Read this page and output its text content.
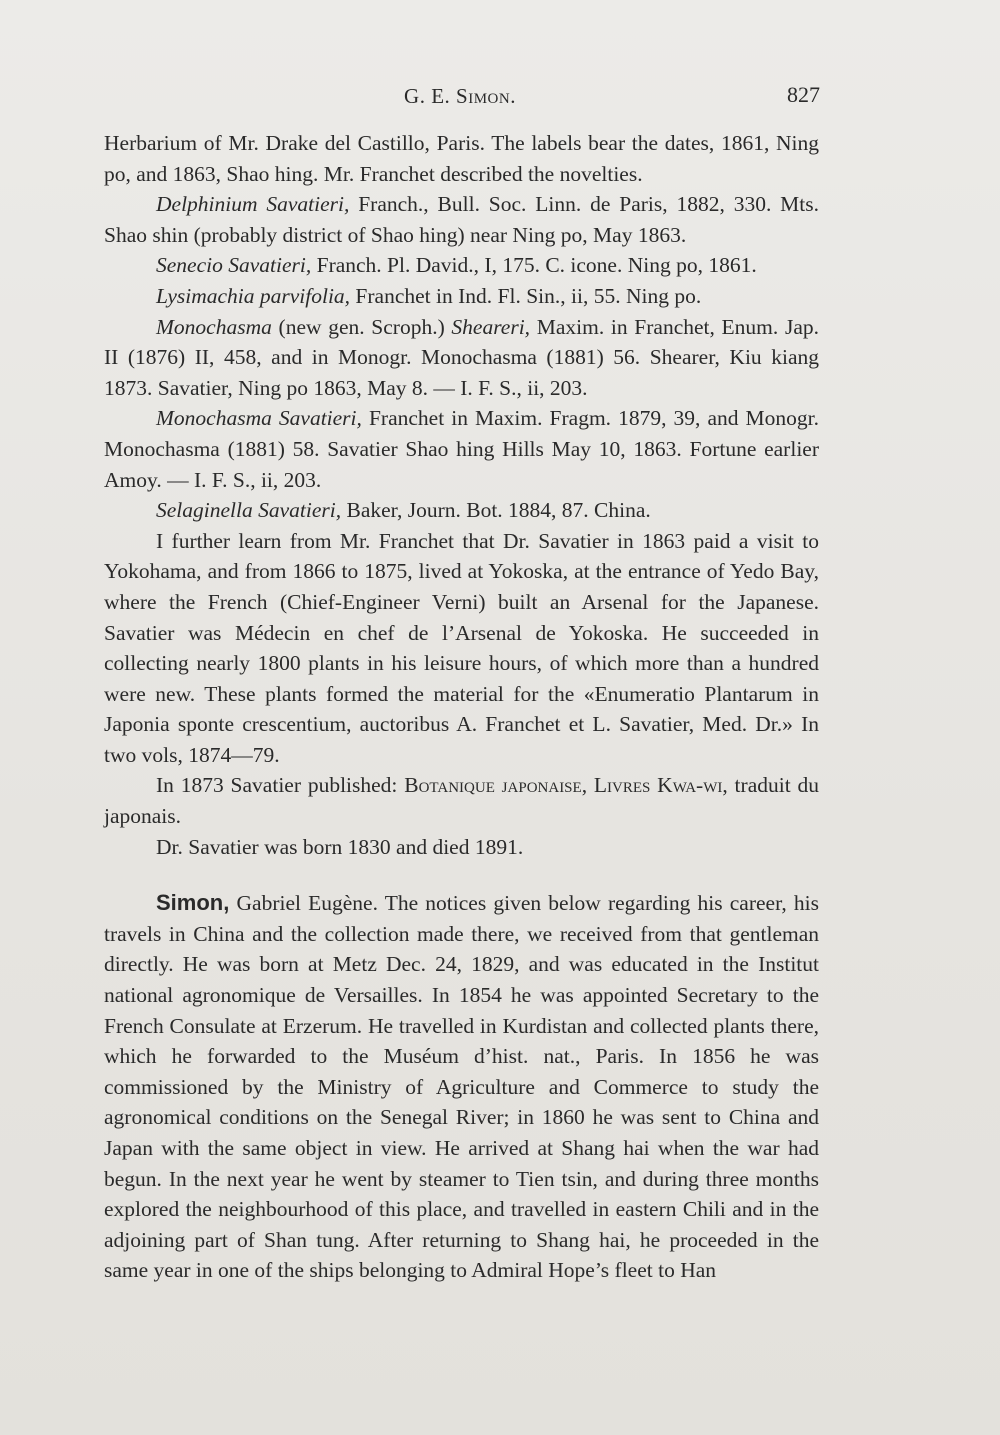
G. E. Simon.	827

Herbarium of Mr. Drake del Castillo, Paris. The labels bear the dates, 1861, Ning po, and 1863, Shao hing. Mr. Franchet described the novelties.

Delphinium Savatieri, Franch., Bull. Soc. Linn. de Paris, 1882, 330. Mts. Shao shin (probably district of Shao hing) near Ning po, May 1863.

Senecio Savatieri, Franch. Pl. David., I, 175. C. icone. Ning po, 1861.

Lysimachia parvifolia, Franchet in Ind. Fl. Sin., ii, 55. Ning po.

Monochasma (new gen. Scroph.) Sheareri, Maxim. in Franchet, Enum. Jap. II (1876) II, 458, and in Monogr. Monochasma (1881) 56. Shearer, Kiu kiang 1873. Savatier, Ning po 1863, May 8. — I. F. S., ii, 203.

Monochasma Savatieri, Franchet in Maxim. Fragm. 1879, 39, and Monogr. Monochasma (1881) 58. Savatier Shao hing Hills May 10, 1863. Fortune earlier Amoy. — I. F. S., ii, 203.

Selaginella Savatieri, Baker, Journ. Bot. 1884, 87. China.

I further learn from Mr. Franchet that Dr. Savatier in 1863 paid a visit to Yokohama, and from 1866 to 1875, lived at Yokoska, at the entrance of Yedo Bay, where the French (Chief-Engineer Verni) built an Arsenal for the Japanese. Savatier was Médecin en chef de l’Arsenal de Yokoska. He succeeded in collecting nearly 1800 plants in his leisure hours, of which more than a hundred were new. These plants formed the material for the «Enumeratio Plantarum in Japonia sponte crescentium, auctoribus A. Franchet et L. Savatier, Med. Dr.» In two vols, 1874—79.

In 1873 Savatier published: Botanique japonaise, Livres Kwa-wi, traduit du japonais.

Dr. Savatier was born 1830 and died 1891.

Simon, Gabriel Eugène. The notices given below regarding his career, his travels in China and the collection made there, we received from that gentleman directly. He was born at Metz Dec. 24, 1829, and was educated in the Institut national agronomique de Versailles. In 1854 he was appointed Secretary to the French Consulate at Erzerum. He travelled in Kurdistan and collected plants there, which he forwarded to the Muséum d’hist. nat., Paris. In 1856 he was commissioned by the Ministry of Agriculture and Commerce to study the agronomical conditions on the Senegal River; in 1860 he was sent to China and Japan with the same object in view. He arrived at Shang hai when the war had begun. In the next year he went by steamer to Tien tsin, and during three months explored the neighbourhood of this place, and travelled in eastern Chili and in the adjoining part of Shan tung. After returning to Shang hai, he proceeded in the same year in one of the ships belonging to Admiral Hope’s fleet to Han
